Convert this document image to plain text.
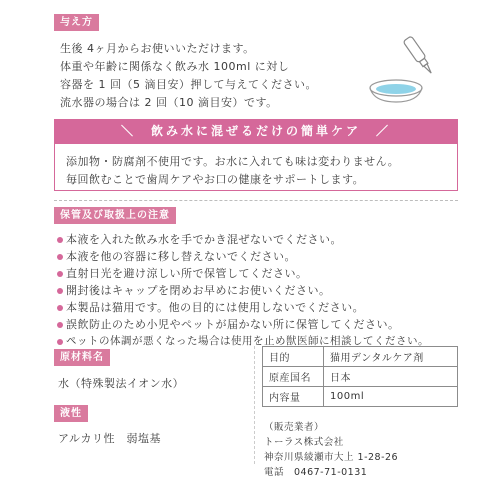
与え方
生後 4ヶ月からお使いいただけます。
体重や年齢に関係なく飲み水 100ml に対し
容器を 1 回（5 滴目安）押して与えてください。
流水器の場合は 2 回（10 滴目安）です。
＼　飲み水に混ぜるだけの簡単ケア　／
添加物・防腐剤不使用です。お水に入れても味は変わりません。
毎回飲むことで歯周ケアやお口の健康をサポートします。
保管及び取扱上の注意
本液を入れた飲み水を手でかき混ぜないでください。
本液を他の容器に移し替えないでください。
直射日光を避け涼しい所で保管してください。
開封後はキャップを閉めお早めにお使いください。
本製品は猫用です。他の目的には使用しないでください。
誤飲防止のため小児やペットが届かない所に保管してください。
ペットの体調が悪くなった場合は使用を止め獣医師に相談してください。
原材料名
水（特殊製法イオン水）
液性
アルカリ性　弱塩基
目的	猫用デンタルケア剤
原産国名	日本
内容量	100ml
（販売業者）
トーラス株式会社
神奈川県綾瀬市大上 1-28-26
電話　0467-71-0131
